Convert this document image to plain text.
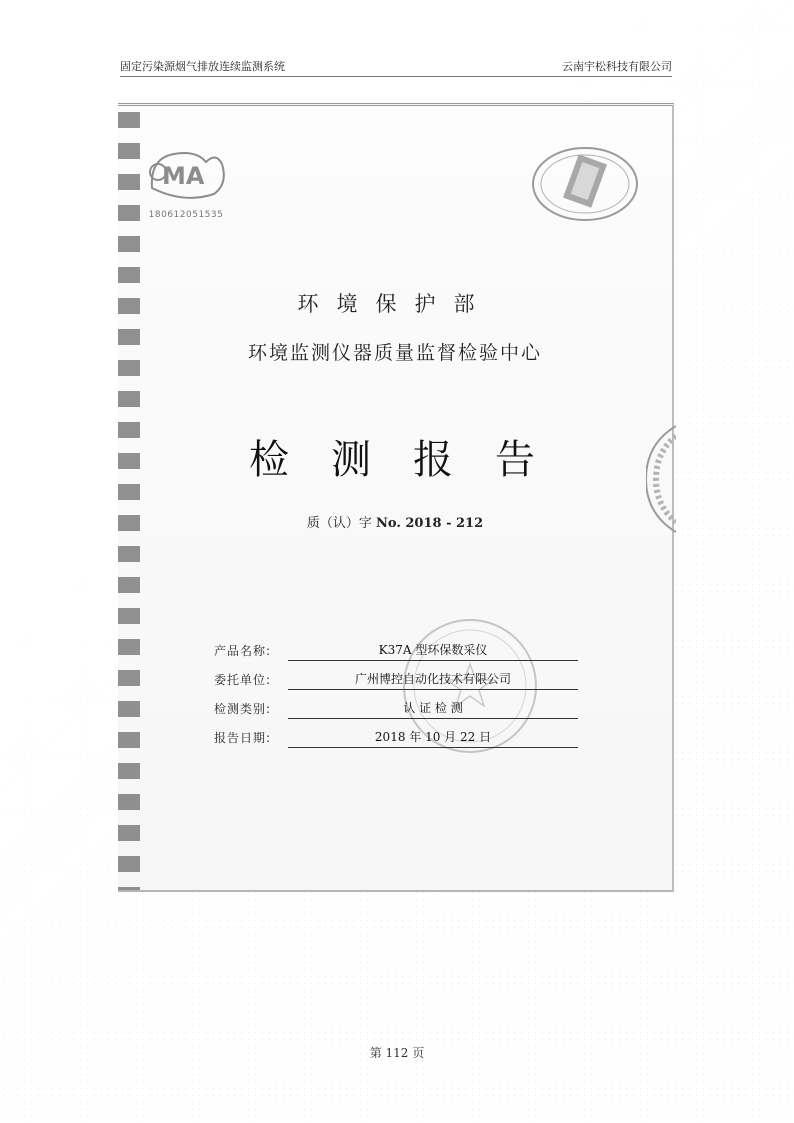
固定污染源烟气排放连续监测系统	云南宇松科技有限公司
MA
180612051535
环境保护部
环境监测仪器质量监督检验中心
检测报告
质（认）字 No. 2018 - 212
产品名称:	K37A 型环保数采仪
委托单位:	广州博控自动化技术有限公司
检测类别:	认 证 检 测
报告日期:	2018 年 10 月 22 日
第 112 页
